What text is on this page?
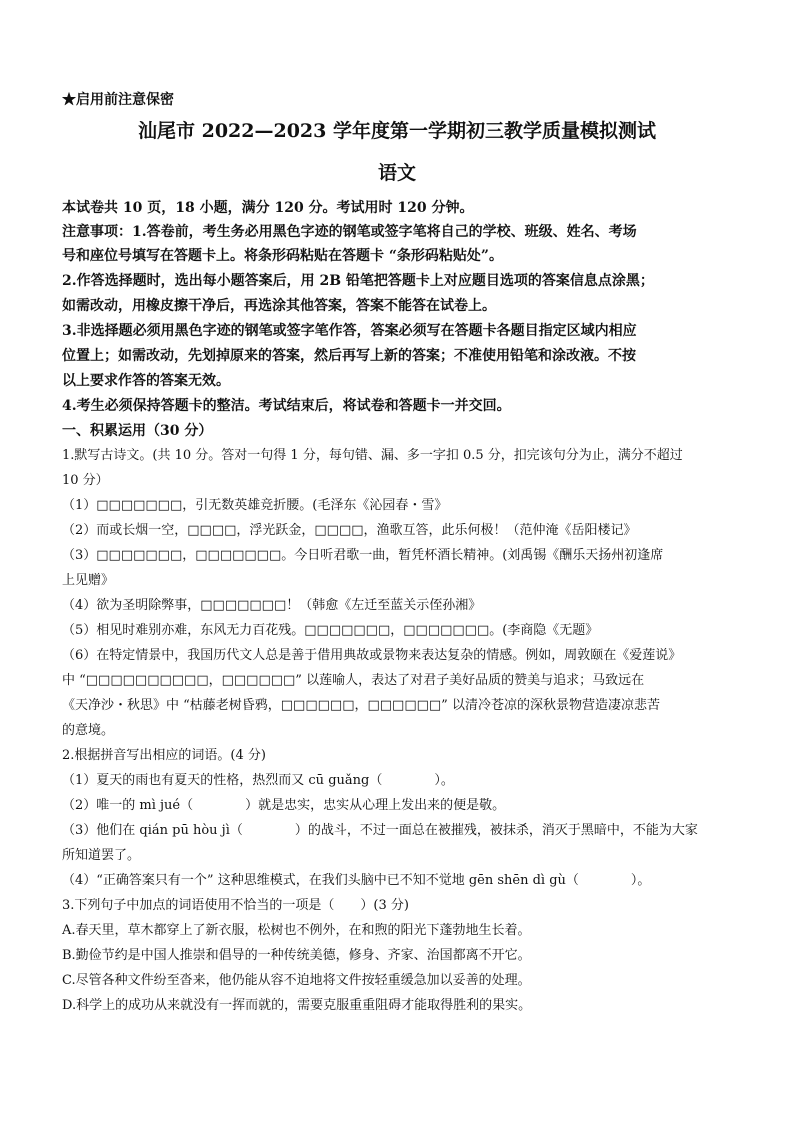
★启用前注意保密
汕尾市 2022—2023 学年度第一学期初三教学质量模拟测试
语文
本试卷共 10 页，18 小题，满分 120 分。考试用时 120 分钟。
注意事项：1.答卷前，考生务必用黑色字迹的钢笔或签字笔将自己的学校、班级、姓名、考场
号和座位号填写在答题卡上。将条形码粘贴在答题卡 “条形码粘贴处”。
2.作答选择题时，选出每小题答案后，用 2B 铅笔把答题卡上对应题目选项的答案信息点涂黑；
如需改动，用橡皮擦干净后，再选涂其他答案，答案不能答在试卷上。
3.非选择题必须用黑色字迹的钢笔或签字笔作答，答案必须写在答题卡各题目指定区域内相应
位置上；如需改动，先划掉原来的答案，然后再写上新的答案；不准使用铅笔和涂改液。不按
以上要求作答的答案无效。
4.考生必须保持答题卡的整洁。考试结束后，将试卷和答题卡一并交回。
一、积累运用（30 分）
1.默写古诗文。(共 10 分。答对一句得 1 分，每句错、漏、多一字扣 0.5 分，扣完该句分为止，满分不超过
10 分）
（1）□□□□□□□，引无数英雄竞折腰。(毛泽东《沁园春・雪》
（2）而或长烟一空，□□□□，浮光跃金，□□□□，渔歌互答，此乐何极！（范仲淹《岳阳楼记》
（3）□□□□□□□，□□□□□□□。今日听君歌一曲，暂凭杯酒长精神。(刘禹锡《酬乐天扬州初逢席
上见赠》
（4）欲为圣明除弊事，□□□□□□□！（韩愈《左迁至蓝关示侄孙湘》
（5）相见时难别亦难，东风无力百花残。□□□□□□□，□□□□□□□。(李商隐《无题》
（6）在特定情景中，我国历代文人总是善于借用典故或景物来表达复杂的情感。例如，周敦颐在《爱莲说》
中 “□□□□□□□□□□，□□□□□□” 以莲喻人，表达了对君子美好品质的赞美与追求；马致远在
《天净沙・秋思》中 “枯藤老树昏鸦，□□□□□□，□□□□□□” 以清冷苍凉的深秋景物营造凄凉悲苦
的意境。
2.根据拼音写出相应的词语。(4 分)
（1）夏天的雨也有夏天的性格，热烈而又 cū guǎng（　　　　）。
（2）唯一的 mì jué（　　　　）就是忠实，忠实从心理上发出来的便是敬。
（3）他们在 qián pū hòu jì（　　　　）的战斗，不过一面总在被摧残，被抹杀，消灭于黑暗中，不能为大家
所知道罢了。
（4）“正确答案只有一个” 这种思维模式，在我们头脑中已不知不觉地 gēn shēn dì gù（　　　　）。
3.下列句子中加点的词语使用不恰当的一项是（　　）(3 分)
A.春天里，草木都穿上了新衣服，松树也不例外，在和煦的阳光下蓬勃地生长着。
B.勤俭节约是中国人推崇和倡导的一种传统美德，修身、齐家、治国都离不开它。
C.尽管各种文件纷至沓来，他仍能从容不迫地将文件按轻重缓急加以妥善的处理。
D.科学上的成功从来就没有一挥而就的，需要克服重重阻碍才能取得胜利的果实。
